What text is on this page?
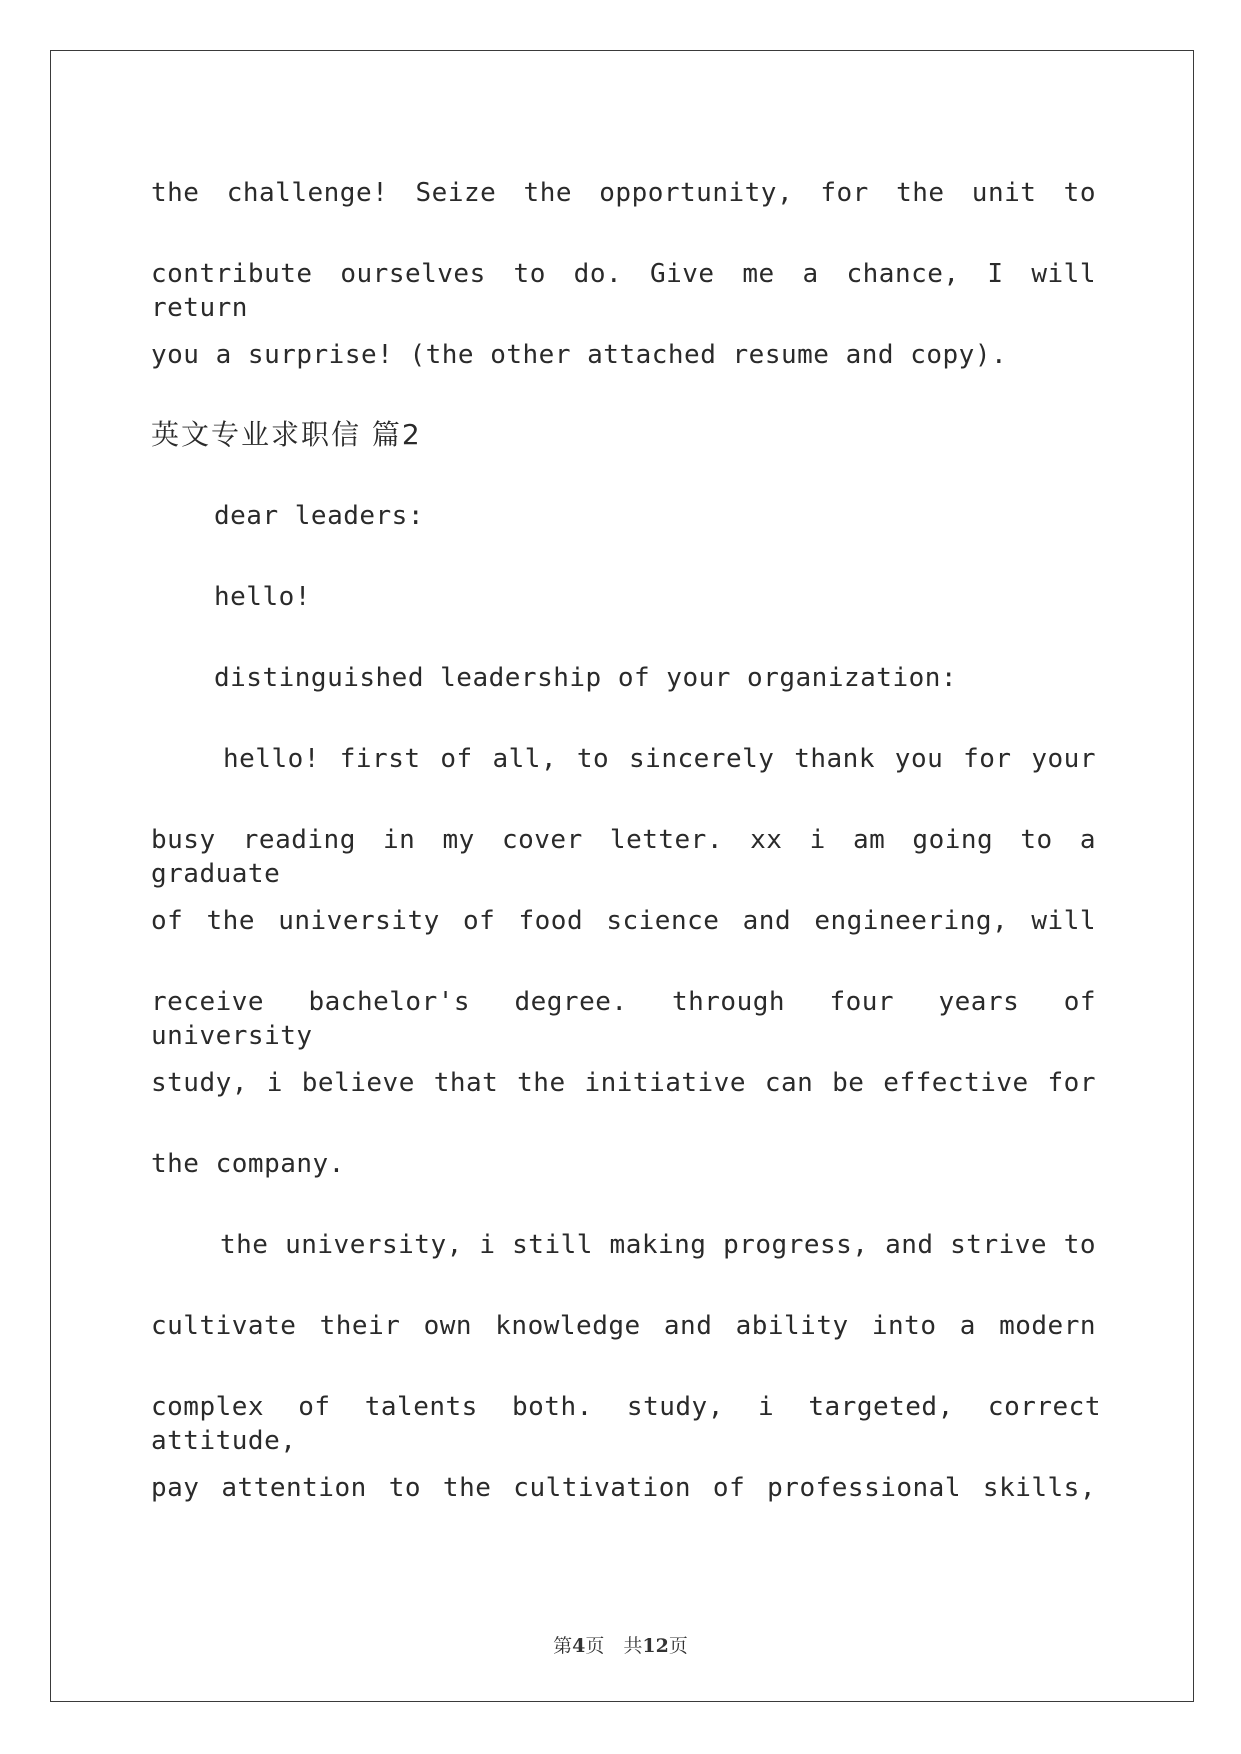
the challenge! Seize the opportunity, for the unit to
contribute ourselves to do. Give me a chance, I will return
you a surprise! (the other attached resume and copy).
英文专业求职信 篇2
dear leaders:
hello!
distinguished leadership of your organization:
hello! first of all, to sincerely thank you for your
busy reading in my cover letter. xx i am going to a graduate
of the university of food science and engineering, will
receive bachelor's degree. through four years of university
study, i believe that the initiative can be effective for
the company.
the university, i still making progress, and strive to
cultivate their own knowledge and ability into a modern
complex of talents both. study, i targeted, correct attitude,
pay attention to the cultivation of professional skills,
第4页　共12页
